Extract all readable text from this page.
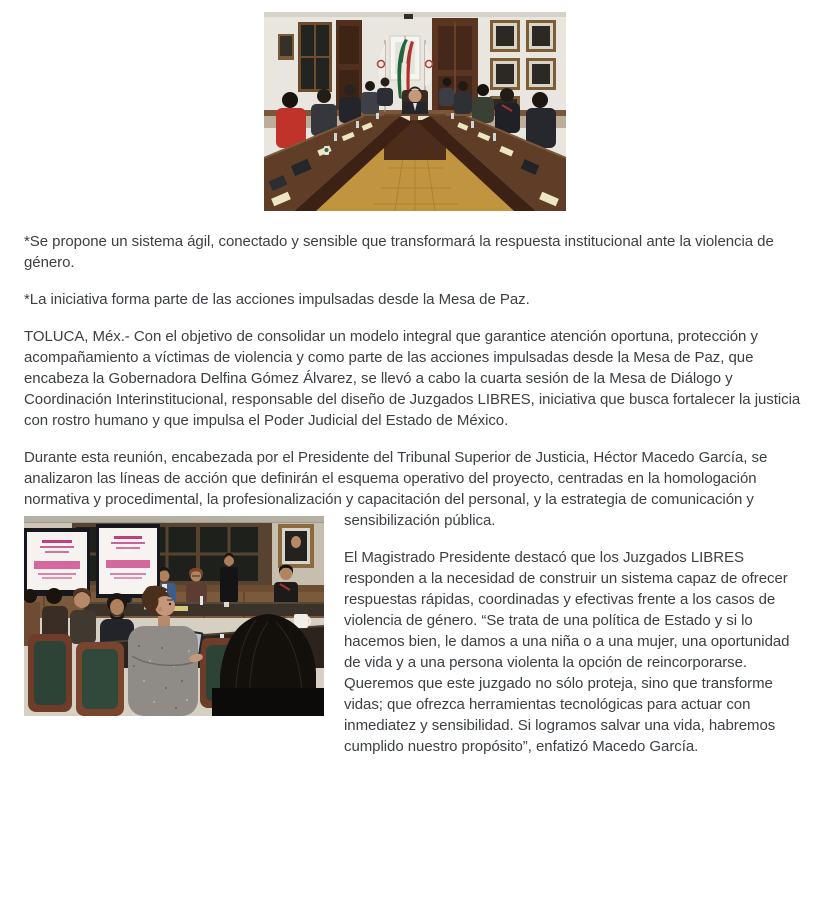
*Se propone un sistema ágil, conectado y sensible que transformará la respuesta institucional ante la violencia de género.

*La iniciativa forma parte de las acciones impulsadas desde la Mesa de Paz.

TOLUCA, Méx.- Con el objetivo de consolidar un modelo integral que garantice atención oportuna, protección y acompañamiento a víctimas de violencia y como parte de las acciones impulsadas desde la Mesa de Paz, que encabeza la Gobernadora Delfina Gómez Álvarez, se llevó a cabo la cuarta sesión de la Mesa de Diálogo y Coordinación Interinstitucional, responsable del diseño de Juzgados LIBRES, iniciativa que busca fortalecer la justicia con rostro humano y que impulsa el Poder Judicial del Estado de México.

Durante esta reunión, encabezada por el Presidente del Tribunal Superior de Justicia, Héctor Macedo García, se analizaron las líneas de acción que definirán el esquema operativo del proyecto, centradas en la homologación normativa y procedimental, la profesionalización y capacitación del personal, y la estrategia de comunicación y
sensibilización pública.

El Magistrado Presidente destacó que los Juzgados LIBRES responden a la necesidad de construir un sistema capaz de ofrecer respuestas rápidas, coordinadas y efectivas frente a los casos de violencia de género. “Se trata de una política de Estado y si lo hacemos bien, le damos a una niña o a una mujer, una oportunidad de vida y a una persona violenta la opción de reincorporarse. Queremos que este juzgado no sólo proteja, sino que transforme vidas; que ofrezca herramientas tecnológicas para actuar con inmediatez y sensibilidad. Si logramos salvar una vida, habremos cumplido nuestro propósito”, enfatizó Macedo García.
